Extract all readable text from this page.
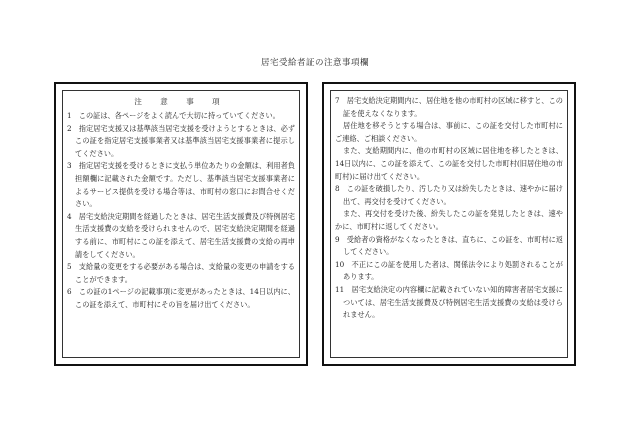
居宅受給者証の注意事項欄
注 意 事 項

1　この証は、各ページをよく読んで大切に持っていてください。

2　指定居宅支援又は基準該当居宅支援を受けようとするときは、必ずこの証を指定居宅支援事業者又は基準該当居宅支援事業者に提示してください。

3　指定居宅支援を受けるときに支払う単位あたりの金額は、利用者負担額欄に記載された金額です。ただし、基準該当居宅支援事業者によるサービス提供を受ける場合等は、市町村の窓口にお問合せください。

4　居宅支給決定期間を経過したときは、居宅生活支援費及び特例居宅生活支援費の支給を受けられませんので、居宅支給決定期間を経過する前に、市町村にこの証を添えて、居宅生活支援費の支給の再申請をしてください。

5　支給量の変更をする必要がある場合は、支給量の変更の申請をすることができます。

6　この証の1ページの記載事項に変更があったときは、14日以内に、この証を添えて、市町村にその旨を届け出てください。

7　居宅支給決定期間内に、居住地を他の市町村の区域に移すと、この証を使えなくなります。

居住地を移そうとする場合は、事前に、この証を交付した市町村にご連絡、ご相談ください。

また、支給期間内に、他の市町村の区域に居住地を移したときは、14日以内に、この証を添えて、この証を交付した市町村(旧居住地の市町村)に届け出てください。

8　この証を破損したり、汚したり又は紛失したときは、速やかに届け出て、再交付を受けてください。

また、再交付を受けた後、紛失したこの証を発見したときは、速やかに、市町村に返してください。

9　受給者の資格がなくなったときは、直ちに、この証を、市町村に返してください。

10　不正にこの証を使用した者は、関係法令により処罰されることがあります。

11　居宅支給決定の内容欄に記載されていない知的障害者居宅支援については、居宅生活支援費及び特例居宅生活支援費の支給は受けられません。
